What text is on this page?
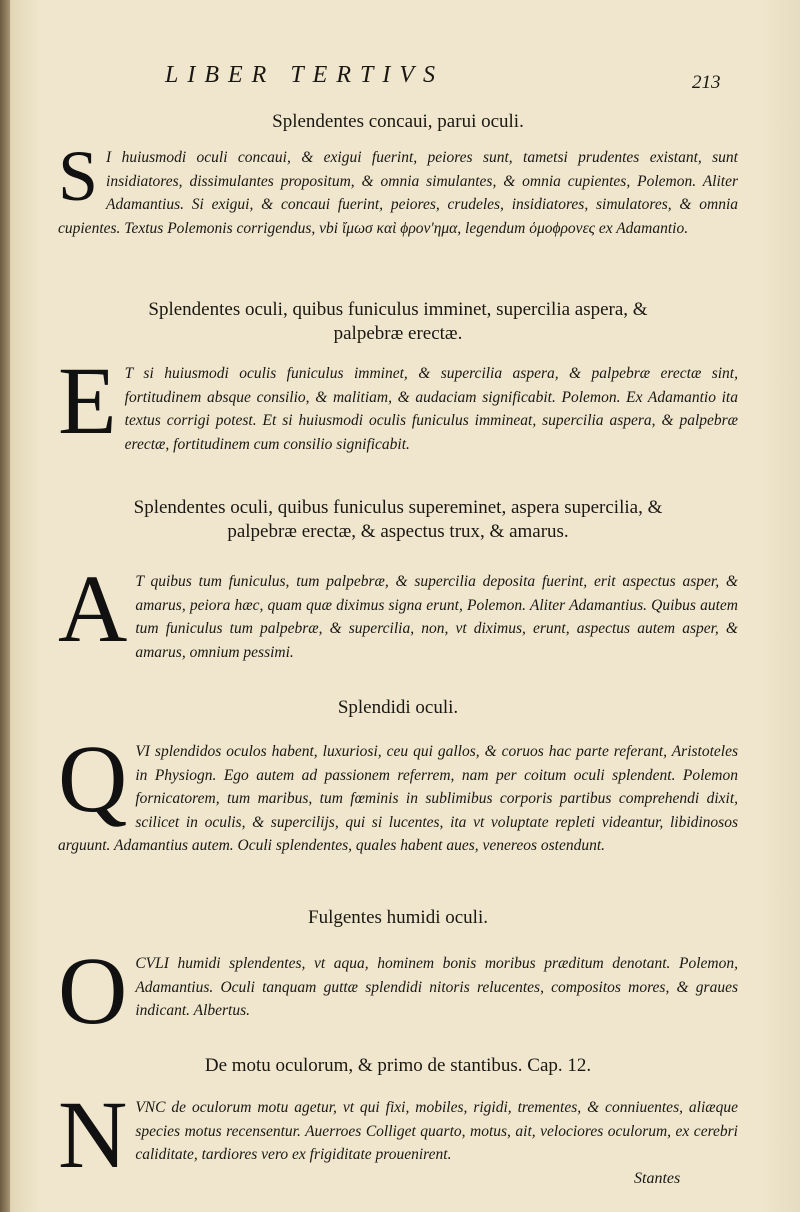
LIBER TERTIVS	213

Splendentes concaui, parui oculi.

S I huiusmodi oculi concaui, & exigui fuerint, peiores sunt, tametsi prudentes existant, sunt insidiatores, dissimulantes propositum, & omnia simulantes, & omnia cupientes, Polemon. Aliter Adamantius. Si exigui, & concaui fuerint, peiores, crudeles, insidiatores, simulatores, & omnia cupientes. Textus Polemonis corrigendus, vbi ἴμωσ καὶ ϕρον'ημα, legendum ὁμοϕρονες ex Adamantio.

Splendentes oculi, quibus funiculus imminet, supercilia aspera, & palpebræ erectæ.

E T si huiusmodi oculis funiculus imminet, & supercilia aspera, & palpebræ erectæ sint, fortitudinem absque consilio, & malitiam, & audaciam significabit. Polemon. Ex Adamantio ita textus corrigi potest. Et si huiusmodi oculis funiculus immineat, supercilia aspera, & palpebræ erectæ, fortitudinem cum consilio significabit.

Splendentes oculi, quibus funiculus supereminet, aspera supercilia, & palpebræ erectæ, & aspectus trux, & amarus.

A T quibus tum funiculus, tum palpebræ, & supercilia deposita fuerint, erit aspectus asper, & amarus, peiora hæc, quam quæ diximus signa erunt, Polemon. Aliter Adamantius. Quibus autem tum funiculus tum palpebræ, & supercilia, non, vt diximus, erunt, aspectus autem asper, & amarus, omnium pessimi.

Splendidi oculi.

Q VI splendidos oculos habent, luxuriosi, ceu qui gallos, & coruos hac parte referant, Aristoteles in Physiogn. Ego autem ad passionem referrem, nam per coitum oculi splendent. Polemon fornicatorem, tum maribus, tum fœminis in sublimibus corporis partibus comprehendi dixit, scilicet in oculis, & supercilijs, qui si lucentes, ita vt voluptate repleti videantur, libidinosos arguunt. Adamantius autem. Oculi splendentes, quales habent aues, venereos ostendunt.

Fulgentes humidi oculi.

O CVLI humidi splendentes, vt aqua, hominem bonis moribus præditum denotant. Polemon, Adamantius. Oculi tanquam guttæ splendidi nitoris relucentes, compositos mores, & graues indicant. Albertus.

De motu oculorum, & primo de stantibus. Cap. 12.

N VNC de oculorum motu agetur, vt qui fixi, mobiles, rigidi, trementes, & conniuentes, aliæque species motus recensentur. Auerroes Colliget quarto, motus, ait, velociores oculorum, ex cerebri caliditate, tardiores vero ex frigiditate prouenirent.

Stantes
